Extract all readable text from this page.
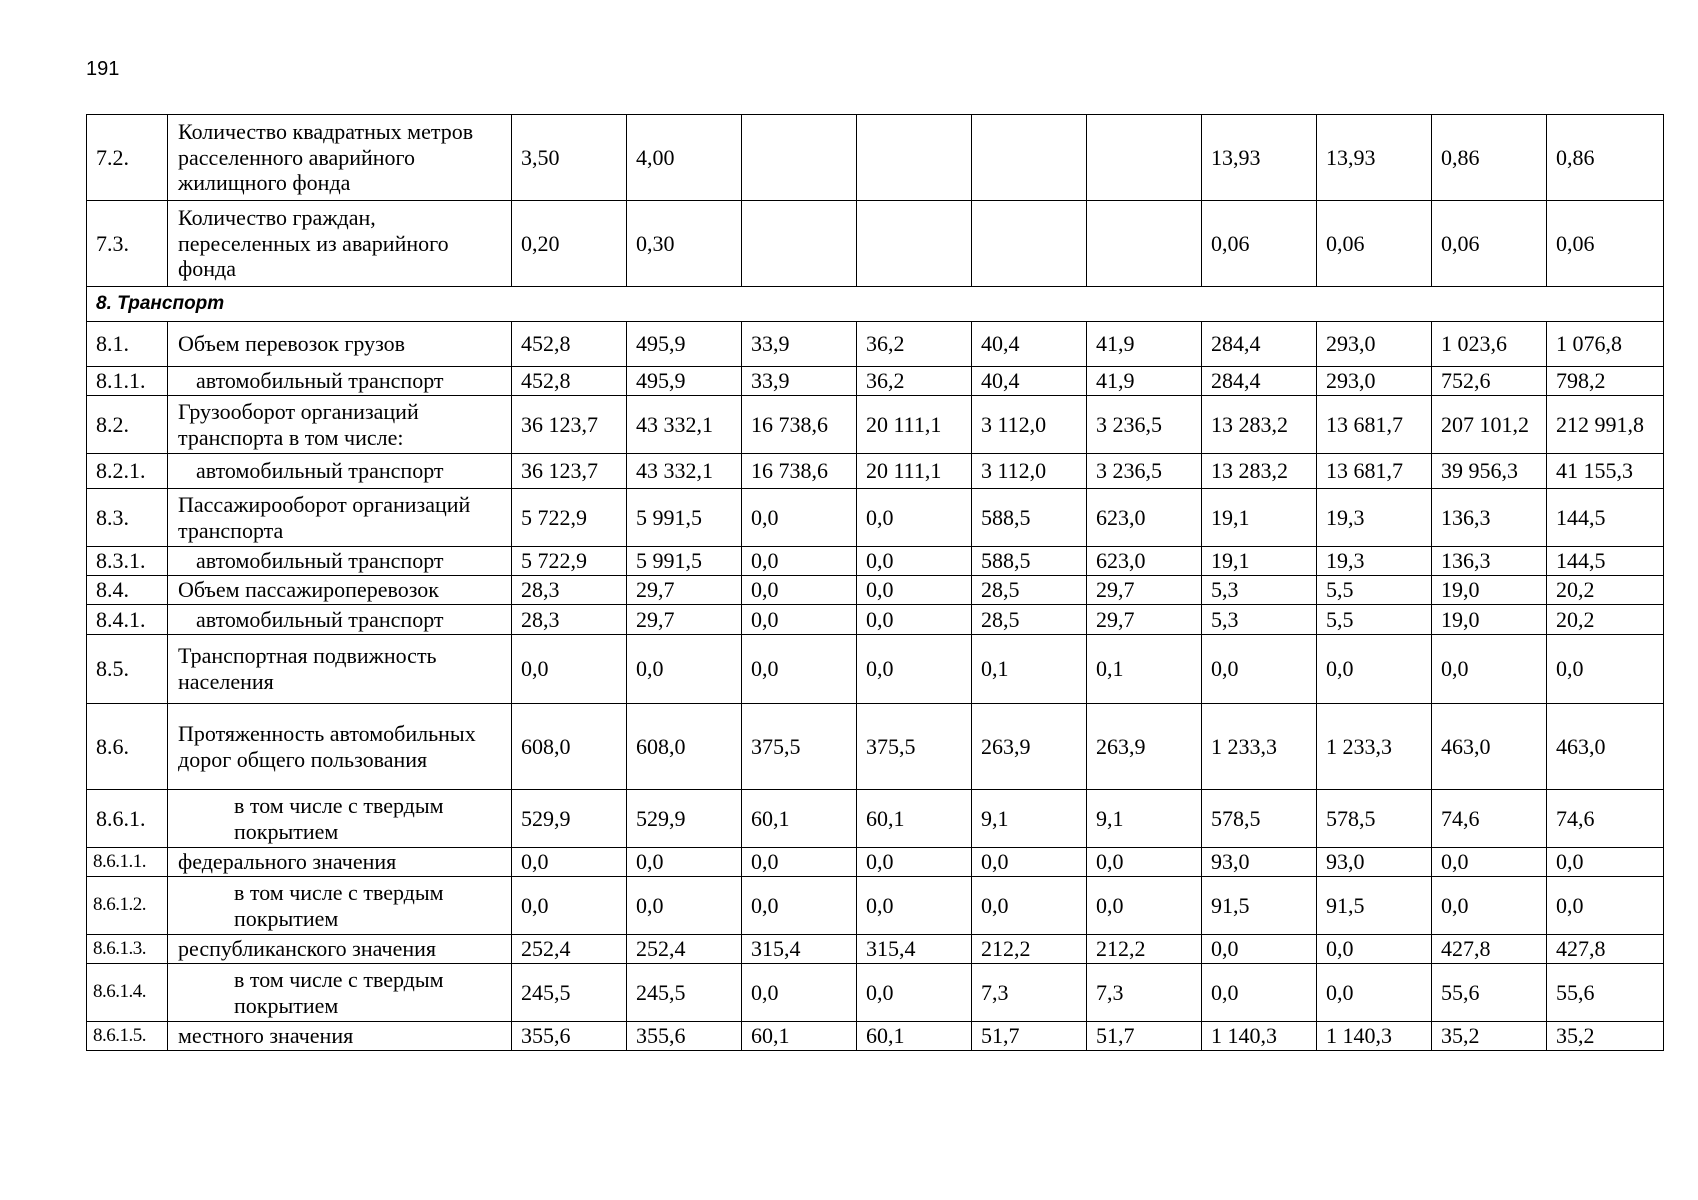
191
7.2.	Количество квадратных метров расселенного аварийного жилищного фонда	3,50	4,00					13,93	13,93	0,86	0,86
7.3.	Количество граждан, переселенных из аварийного фонда	0,20	0,30					0,06	0,06	0,06	0,06
8. Транспорт											
8.1.	Объем перевозок грузов	452,8	495,9	33,9	36,2	40,4	41,9	284,4	293,0	1 023,6	1 076,8
8.1.1.	автомобильный транспорт	452,8	495,9	33,9	36,2	40,4	41,9	284,4	293,0	752,6	798,2
8.2.	Грузооборот организаций транспорта в том числе:	36 123,7	43 332,1	16 738,6	20 111,1	3 112,0	3 236,5	13 283,2	13 681,7	207 101,2	212 991,8
8.2.1.	автомобильный транспорт	36 123,7	43 332,1	16 738,6	20 111,1	3 112,0	3 236,5	13 283,2	13 681,7	39 956,3	41 155,3
8.3.	Пассажирооборот организаций транспорта	5 722,9	5 991,5	0,0	0,0	588,5	623,0	19,1	19,3	136,3	144,5
8.3.1.	автомобильный транспорт	5 722,9	5 991,5	0,0	0,0	588,5	623,0	19,1	19,3	136,3	144,5
8.4.	Объем пассажироперевозок	28,3	29,7	0,0	0,0	28,5	29,7	5,3	5,5	19,0	20,2
8.4.1.	автомобильный транспорт	28,3	29,7	0,0	0,0	28,5	29,7	5,3	5,5	19,0	20,2
8.5.	Транспортная подвижность населения	0,0	0,0	0,0	0,0	0,1	0,1	0,0	0,0	0,0	0,0
8.6.	Протяженность автомобильных дорог общего пользования	608,0	608,0	375,5	375,5	263,9	263,9	1 233,3	1 233,3	463,0	463,0
8.6.1.	в том числе с твердым покрытием	529,9	529,9	60,1	60,1	9,1	9,1	578,5	578,5	74,6	74,6
8.6.1.1.	федерального значения	0,0	0,0	0,0	0,0	0,0	0,0	93,0	93,0	0,0	0,0
8.6.1.2.	в том числе с твердым покрытием	0,0	0,0	0,0	0,0	0,0	0,0	91,5	91,5	0,0	0,0
8.6.1.3.	республиканского значения	252,4	252,4	315,4	315,4	212,2	212,2	0,0	0,0	427,8	427,8
8.6.1.4.	в том числе с твердым покрытием	245,5	245,5	0,0	0,0	7,3	7,3	0,0	0,0	55,6	55,6
8.6.1.5.	местного значения	355,6	355,6	60,1	60,1	51,7	51,7	1 140,3	1 140,3	35,2	35,2
